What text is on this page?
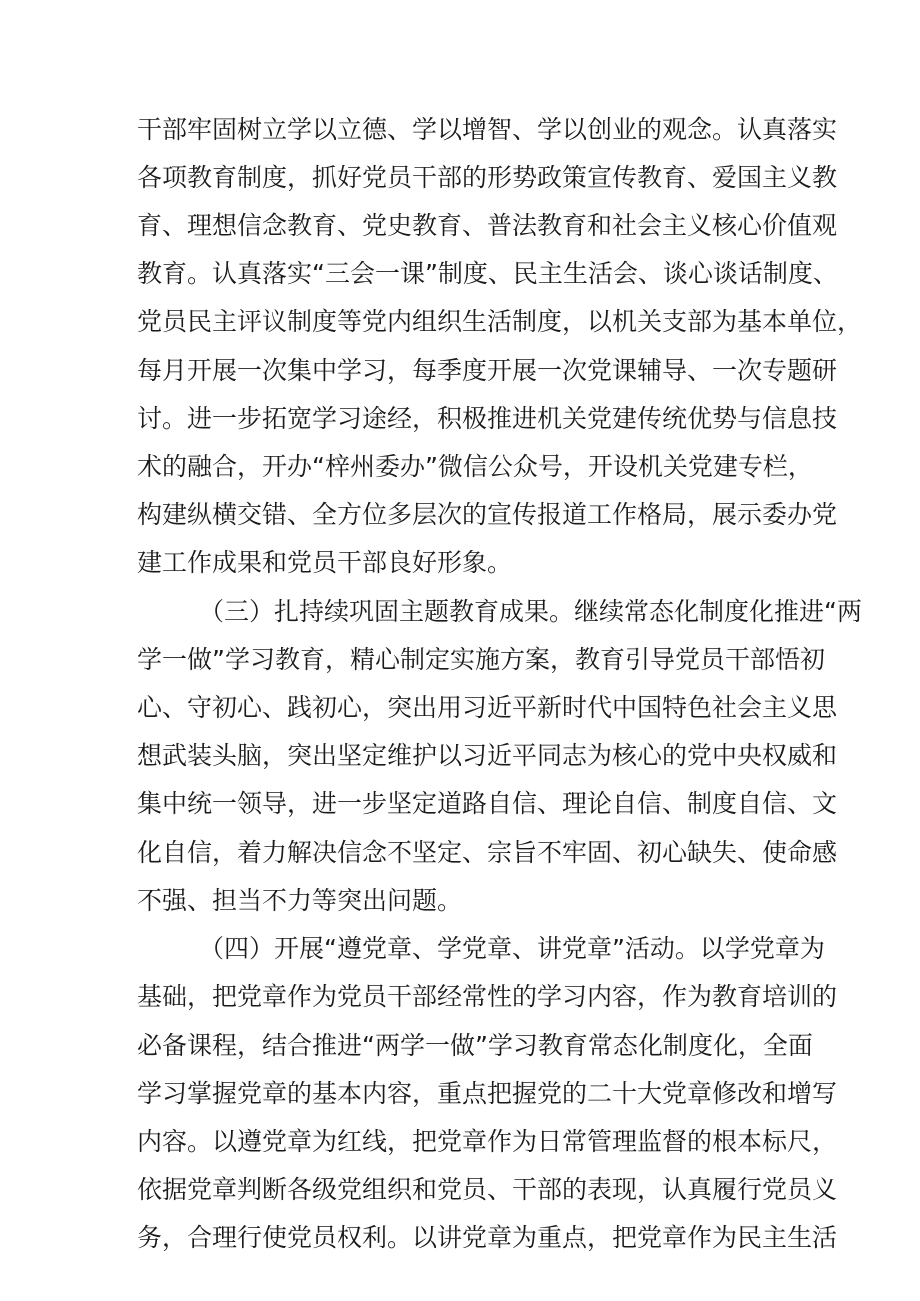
干部牢固树立学以立德、学以增智、学以创业的观念。认真落实
各项教育制度，抓好党员干部的形势政策宣传教育、爱国主义教
育、理想信念教育、党史教育、普法教育和社会主义核心价值观
教育。认真落实“三会一课”制度、民主生活会、谈心谈话制度、
党员民主评议制度等党内组织生活制度，以机关支部为基本单位，
每月开展一次集中学习，每季度开展一次党课辅导、一次专题研
讨。进一步拓宽学习途经，积极推进机关党建传统优势与信息技
术的融合，开办“梓州委办”微信公众号，开设机关党建专栏，
构建纵横交错、全方位多层次的宣传报道工作格局，展示委办党
建工作成果和党员干部良好形象。
（三）扎持续巩固主题教育成果。继续常态化制度化推进“两
学一做”学习教育，精心制定实施方案，教育引导党员干部悟初
心、守初心、践初心，突出用习近平新时代中国特色社会主义思
想武装头脑，突出坚定维护以习近平同志为核心的党中央权威和
集中统一领导，进一步坚定道路自信、理论自信、制度自信、文
化自信，着力解决信念不坚定、宗旨不牢固、初心缺失、使命感
不强、担当不力等突出问题。
（四）开展“遵党章、学党章、讲党章”活动。以学党章为
基础，把党章作为党员干部经常性的学习内容，作为教育培训的
必备课程，结合推进“两学一做”学习教育常态化制度化，全面
学习掌握党章的基本内容，重点把握党的二十大党章修改和增写
内容。以遵党章为红线，把党章作为日常管理监督的根本标尺，
依据党章判断各级党组织和党员、干部的表现，认真履行党员义
务，合理行使党员权利。以讲党章为重点，把党章作为民主生活
